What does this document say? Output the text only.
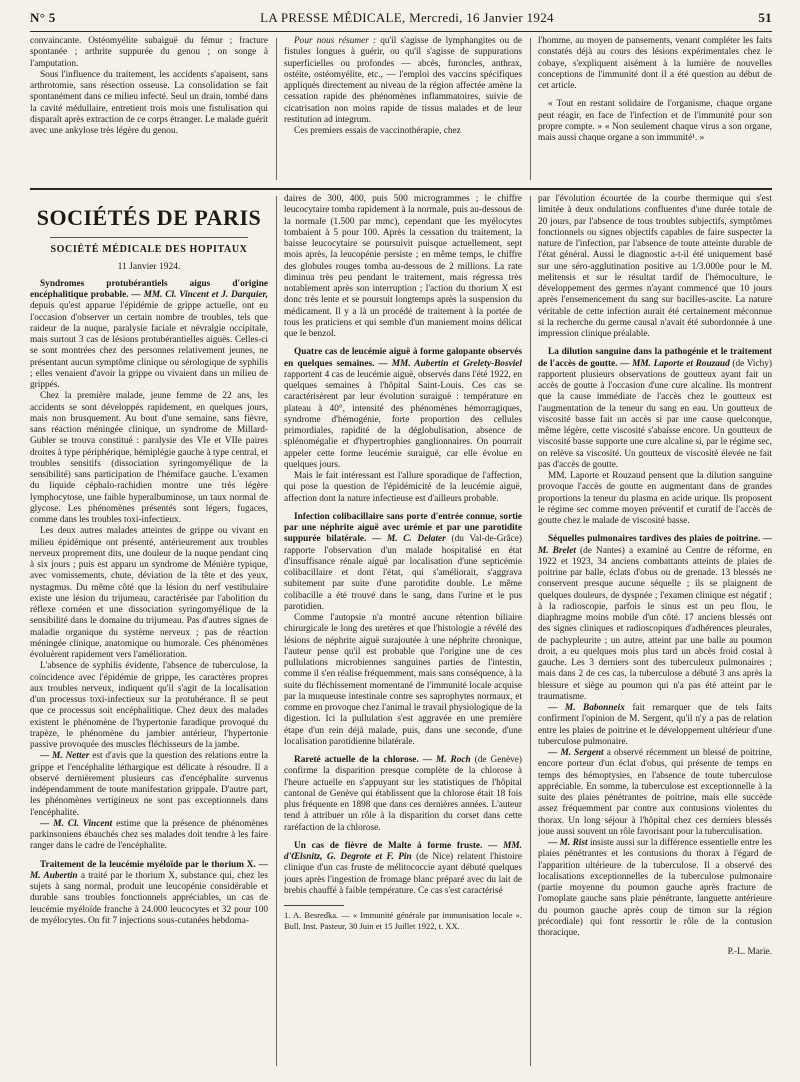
N° 5	LA PRESSE MÉDICALE, Mercredi, 16 Janvier 1924	51

convaincante. Ostéomyélite subaiguë du fémur ; fracture spontanée ; arthrite suppurée du genou ; on songe à l'amputation.

Sous l'influence du traitement, les accidents s'apaisent, sans arthrotomie, sans résection osseuse. La consolidation se fait spontanément dans ce milieu infecté. Seul un drain, tombé dans la cavité médullaire, entretient trois mois une fistulisation qui disparaît après extraction de ce corps étranger. Le malade guérit avec une ankylose très légère du genou.

Pour nous résumer : qu'il s'agisse de lymphangites ou de fistules longues à guérir, ou qu'il s'agisse de suppurations superficielles ou profondes — abcès, furoncles, anthrax, ostéite, ostéomyélite, etc., — l'emploi des vaccins spécifiques appliqués directement au niveau de la région affectée amène la cessation rapide des phénomènes inflammatoires, suivie de cicatrisation non moins rapide de tissus malades et de leur restitution ad integrum.

Ces premiers essais de vaccinothérapie, chez

l'homme, au moyen de pansements, venant compléter les faits constatés déjà au cours des lésions expérimentales chez le cobaye, s'expliquent aisément à la lumière de nouvelles conceptions de l'immunité dont il a été question au début de cet article.

« Tout en restant solidaire de l'organisme, chaque organe peut réagir, en face de l'infection et de l'immunité pour son propre compte. » « Non seulement chaque virus a son organe, mais aussi chaque organe a son immunité¹. »

SOCIÉTÉS DE PARIS
SOCIÉTÉ MÉDICALE DES HOPITAUX
11 Janvier 1924.

Syndromes protubérantiels aigus d'origine encéphalitique probable. — MM. Cl. Vincent et J. Darquier, depuis qu'est apparue l'épidémie de grippe actuelle, ont eu l'occasion d'observer un certain nombre de troubles, tels que raideur de la nuque, paralysie faciale et névralgie occipitale, mais surtout 3 cas de lésions protubérantielles aiguës. Celles-ci se sont montrées chez des personnes relativement jeunes, ne présentant aucun symptôme clinique ou sérologique de syphilis ; elles venaient d'avoir la grippe ou vivaient dans un milieu de grippés.

Chez la première malade, jeune femme de 22 ans, les accidents se sont développés rapidement, en quelques jours, mais non brusquement. Au bout d'une semaine, sans fièvre, sans réaction méningée clinique, un syndrome de Millard-Gubler se trouva constitué : paralysie des VIe et VIIe paires droites à type périphérique, hémiplégie gauche à type central, et troubles sensitifs (dissociation syringomyélique de la sensibilité) sans participation de l'hémiface gauche. L'examen du liquide céphalo-rachidien montre une très légère lymphocytose, une faible hyperalbuminose, un taux normal de glycose. Les phénomènes présentés sont légers, fugaces, comme dans les troubles toxi-infectieux.

Les deux autres malades atteintes de grippe ou vivant en milieu épidémique ont présenté, antérieurement aux troubles nerveux proprement dits, une douleur de la nuque pendant cinq à six jours ; puis est apparu un syndrome de Ménière typique, avec vomissements, chute, déviation de la tête et des yeux, nystagmus. Du même côté que la lésion du nerf vestibulaire existe une lésion du trijumeau, caractérisée par l'abolition du réflexe cornéen et une dissociation syringomyélique de la sensibilité dans le domaine du trijumeau. Pas d'autres signes de maladie organique du système nerveux ; pas de réaction méningée clinique, anatomique ou humorale. Ces phénomènes évoluèrent rapidement vers l'amélioration.

L'absence de syphilis évidente, l'absence de tuberculose, la coïncidence avec l'épidémie de grippe, les caractères propres aux troubles nerveux, indiquent qu'il s'agit de la localisation d'un processus toxi-infectieux sur la protubérance. Il se peut que ce processus soit encéphalitique. Chez deux des malades existent le phénomène de l'hypertonie faradique provoqué du trapèze, le phénomène du jambier antérieur, l'hypertonie passive provoquée des muscles fléchisseurs de la jambe.

— M. Netter est d'avis que la question des relations entre la grippe et l'encéphalite léthargique est délicate à résoudre. Il a observé dernièrement plusieurs cas d'encéphalite survenus indépendamment de toute manifestation grippale. D'autre part, les phénomènes vertigineux ne sont pas exceptionnels dans l'encéphalite.

— M. Cl. Vincent estime que la présence de phénomènes parkinsoniens ébauchés chez ses malades doit tendre à les faire ranger dans le cadre de l'encéphalite.

Traitement de la leucémie myéloïde par le thorium X. — M. Aubertin a traité par le thorium X, substance qui, chez les sujets à sang normal, produit une leucopénie considérable et durable sans troubles fonctionnels appréciables, un cas de leucémie myéloïde franche à 24.000 leucocytes et 32 pour 100 de myélocytes. On fit 7 injections sous-cutanées hebdoma-

daires de 300, 400, puis 500 microgrammes ; le chiffre leucocytaire tomba rapidement à la normale, puis au-dessous de la normale (1.500 par mmc), cependant que les myélocytes tombaient à 5 pour 100. Après la cessation du traitement, la baisse leucocytaire se poursuivit puisque actuellement, sept mois après, la leucopénie persiste ; en même temps, le chiffre des globules rouges tomba au-dessous de 2 millions. La rate diminua très peu pendant le traitement, mais régressa très notablement après son interruption ; l'action du thorium X est donc très lente et se poursuit longtemps après la suspension du médicament. Il y a là un procédé de traitement à la portée de tous les praticiens et qui semble d'un maniement moins délicat que le benzol.

Quatre cas de leucémie aiguë à forme galopante observés en quelques semaines. — MM. Aubertin et Grelety-Bosviel rapportent 4 cas de leucémie aiguë, observés dans l'été 1922, en quelques semaines à l'hôpital Saint-Louis. Ces cas se caractérisèrent par leur évolution suraiguë : température en plateau à 40°, intensité des phénomènes hémorragiques, syndrome d'hémogénie, forte proportion des cellules primordiales, rapidité de la déglobulisation, absence de splénomégalie et d'hypertrophies ganglionnaires. On pourrait appeler cette forme leucémie suraiguë, car elle évolue en quelques jours.

Mais le fait intéressant est l'allure sporadique de l'affection, qui pose la question de l'épidémicité de la leucémie aiguë, affection dont la nature infectieuse est d'ailleurs probable.

Infection colibacillaire sans porte d'entrée connue, sortie par une néphrite aiguë avec urémie et par une parotidite suppurée bilatérale. — M. C. Delater (du Val-de-Grâce) rapporte l'observation d'un malade hospitalisé en état d'insuffisance rénale aiguë par localisation d'une septicémie colibacillaire et dont l'état, qui s'améliorait, s'aggrava subitement par suite d'une parotidite double. Le même colibacille a été trouvé dans le sang, dans l'urine et le pus parotidien.

Comme l'autopsie n'a montré aucune rétention biliaire chirurgicale le long des uretères et que l'histologie a révélé des lésions de néphrite aiguë surajoutée à une néphrite chronique, l'auteur pense qu'il est probable que l'origine une de ces pullulations microbiennes sanguines parties de l'intestin, comme il s'en réalise fréquemment, mais sans conséquence, à la suite du fléchissement momentané de l'immunité locale acquise par la muqueuse intestinale contre ses saprophytes normaux, et comme en provoque chez l'animal le travail physiologique de la digestion. Ici la pullulation s'est aggravée en une première étape d'un rein déjà malade, puis, dans une seconde, d'une localisation parotidienne bilatérale.

Rareté actuelle de la chlorose. — M. Roch (de Genève) confirme la disparition presque complète de la chlorose à l'heure actuelle en s'appuyant sur les statistiques de l'hôpital cantonal de Genève qui établissent que la chlorose était 18 fois plus fréquente en 1898 que dans ces dernières années. L'auteur tend à attribuer un rôle à la disparition du corset dans cette raréfaction de la chlorose.

Un cas de fièvre de Malte à forme fruste. — MM. d'Œlsnitz, G. Degrote et F. Pin (de Nice) relatent l'histoire clinique d'un cas fruste de mélitococcie ayant débuté quelques jours après l'ingestion de fromage blanc préparé avec du lait de brebis chauffé à faible température. Ce cas s'est caractérisé

1. A. Besredka. — « Immunité générale par immunisation locale ». Bull. Inst. Pasteur, 30 Juin et 15 Juillet 1922, t. XX.

par l'évolution écourtée de la courbe thermique qui s'est limitée à deux ondulations confluentes d'une durée totale de 20 jours, par l'absence de tous troubles subjectifs, symptômes fonctionnels ou signes objectifs capables de faire suspecter la nature de l'infection, par l'absence de toute atteinte durable de l'état général. Aussi le diagnostic a-t-il été uniquement basé sur une séro-agglutination positive au 1/3.000e pour le M. melitensis et sur le résultat tardif de l'hémoculture, le développement des germes n'ayant commencé que 10 jours après l'ensemencement du sang sur bacilles-ascite. La nature véritable de cette infection aurait été certainement méconnue si la recherche du germe causal n'avait été subordonnée à une impression clinique préalable.

La dilution sanguine dans la pathogénie et le traitement de l'accès de goutte. — MM. Laporte et Rouzaud (de Vichy) rapportent plusieurs observations de goutteux ayant fait un accès de goutte à l'occasion d'une cure alcaline. Ils montrent que la cause immédiate de l'accès chez le goutteux est l'augmentation de la teneur du sang en eau. Un goutteux de viscosité basse fait un accès si par une cause quelconque, même légère, cette viscosité s'abaisse encore. Un goutteux de viscosité basse supporte une cure alcaline si, par le régime sec, on relève sa viscosité. Un goutteux de viscosité élevée ne fait pas d'accès de goutte.

MM. Laporte et Rouzaud pensent que la dilution sanguine provoque l'accès de goutte en augmentant dans de grandes proportions la teneur du plasma en acide urique. Ils proposent le régime sec comme moyen préventif et curatif de l'accès de goutte chez le malade de viscosité basse.

Séquelles pulmonaires tardives des plaies de poitrine. — M. Brelet (de Nantes) a examiné au Centre de réforme, en 1922 et 1923, 34 anciens combattants atteints de plaies de poitrine par balle, éclats d'obus ou de grenade. 13 blessés ne conservent presque aucune séquelle ; ils se plaignent de quelques douleurs, de dyspnée ; l'examen clinique est négatif ; à la radioscopie, parfois le sinus est un peu flou, le diaphragme moins mobile d'un côté. 17 anciens blessés ont des signes cliniques et radioscopiques d'adhérences pleurales, de pachypleurite ; un autre, atteint par une balle au poumon droit, a eu quelques mois plus tard un abcès froid costal à gauche. Les 3 derniers sont des tuberculeux pulmonaires ; mais dans 2 de ces cas, la tuberculose a débuté 3 ans après la blessure et siège au poumon qui n'a pas été atteint par le traumatisme.

— M. Babonneix fait remarquer que de tels faits confirment l'opinion de M. Sergent, qu'il n'y a pas de relation entre les plaies de poitrine et le développement ultérieur d'une tuberculose pulmonaire.

— M. Sergent a observé récemment un blessé de poitrine, encore porteur d'un éclat d'obus, qui présente de temps en temps des hémoptysies, en l'absence de toute tuberculose appréciable. En somme, la tuberculose est exceptionnelle à la suite des plaies pénétrantes de poitrine, mais elle succède assez fréquemment par contre aux contusions violentes du thorax. Un long séjour à l'hôpital chez ces derniers blessés joue aussi souvent un rôle favorisant pour la tuberculisation.

— M. Rist insiste aussi sur la différence essentielle entre les plaies pénétrantes et les contusions du thorax à l'égard de l'apparition ultérieure de la tuberculose. Il a observé des localisations exceptionnelles de la tuberculose pulmonaire (partie moyenne du poumon gauche après fracture de l'omoplate gauche sans plaie pénétrante, languette antérieure du poumon gauche après coup de timon sur la région précordiale) qui font ressortir le rôle de la contusion thoracique.

P.-L. Marie.
